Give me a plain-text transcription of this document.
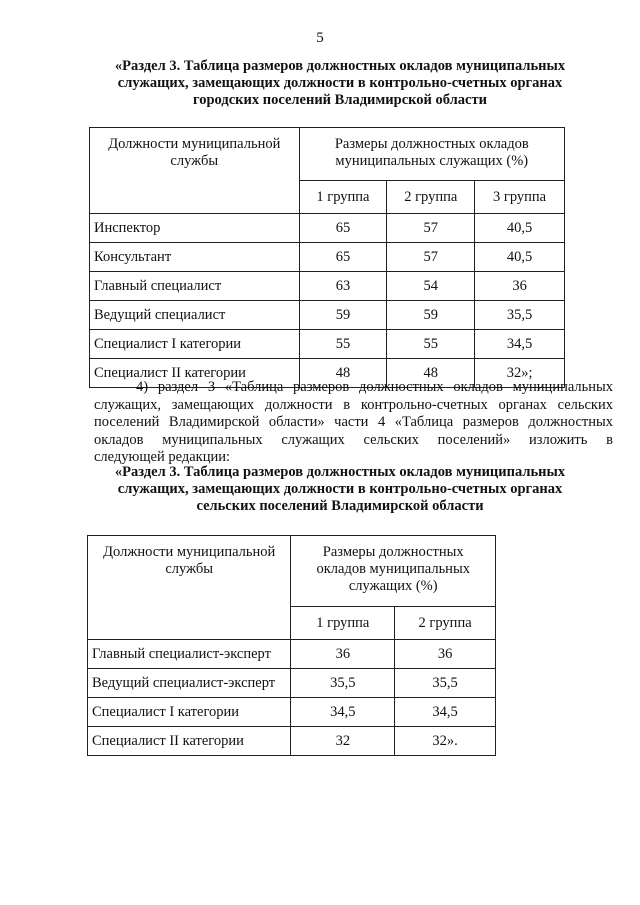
5
«Раздел 3. Таблица размеров должностных окладов муниципальных
служащих, замещающих должности в контрольно-счетных органах
городских поселений Владимирской области
Должности муниципальной службы	Размеры должностных окладов муниципальных служащих (%)		
	1 группа	2 группа	3 группа
Инспектор	65	57	40,5
Консультант	65	57	40,5
Главный специалист	63	54	36
Ведущий специалист	59	59	35,5
Специалист I категории	55	55	34,5
Специалист II категории	48	48	32»;
4) раздел 3 «Таблица размеров должностных окладов муниципальных
служащих, замещающих должности в контрольно-счетных органах сельских
поселений Владимирской области» части 4 «Таблица размеров должностных
окладов муниципальных служащих сельских поселений» изложить в
следующей редакции:
«Раздел 3. Таблица размеров должностных окладов муниципальных
служащих, замещающих должности в контрольно-счетных органах
сельских поселений Владимирской области
Должности муниципальной службы	Размеры должностных окладов муниципальных служащих (%)	
	1 группа	2 группа
Главный специалист-эксперт	36	36
Ведущий специалист-эксперт	35,5	35,5
Специалист I категории	34,5	34,5
Специалист II категории	32	32».
